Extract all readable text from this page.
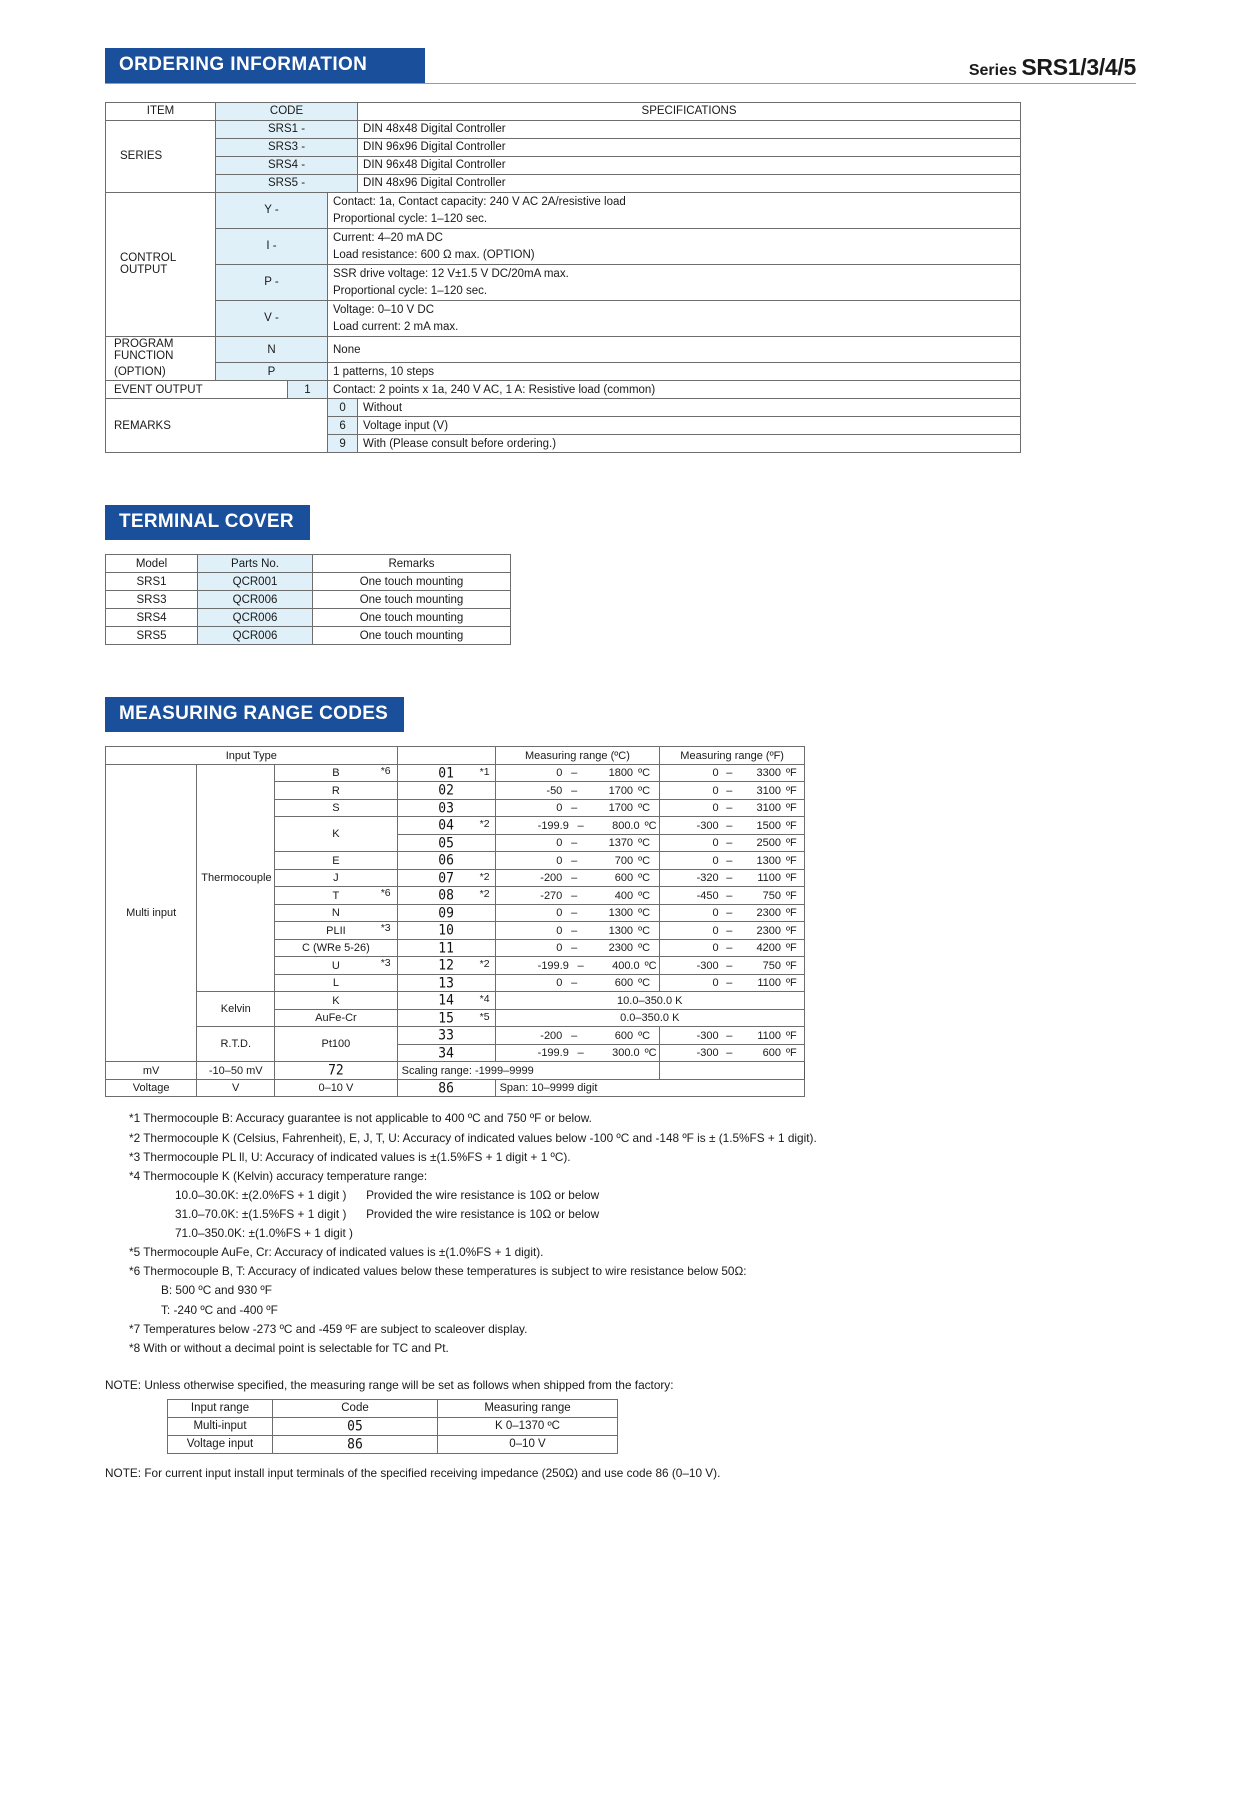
ORDERING INFORMATION	Series SRS1/3/4/5
ITEM	CODE			SPECIFICATIONS
SERIES	SRS1 -			DIN 48x48 Digital Controller
	SRS3 -			DIN 96x96 Digital Controller
	SRS4 -			DIN 96x48 Digital Controller
	SRS5 -			DIN 48x96 Digital Controller
CONTROL OUTPUT	Y -		Contact: 1a, Contact capacity: 240 V AC 2A/resistive load	
			Proportional cycle: 1–120 sec.	
	I -		Current: 4–20 mA DC	
			Load resistance: 600 Ω max. (OPTION)	
	P -		SSR drive voltage: 12 V±1.5 V DC/20mA max.	
			Proportional cycle: 1–120 sec.	
	V -		Voltage: 0–10 V DC	
			Load current: 2 mA max.	
PROGRAM FUNCTION	N		None	
(OPTION)	P		1 patterns, 10 steps	
EVENT OUTPUT		1	Contact: 2 points x 1a, 240 V AC, 1 A: Resistive load (common)	
REMARKS			0	Without
			6	Voltage input (V)
			9	With (Please consult before ordering.)
TERMINAL COVER
Model	Parts No.	Remarks
SRS1	QCR001	One touch mounting
SRS3	QCR006	One touch mounting
SRS4	QCR006	One touch mounting
SRS5	QCR006	One touch mounting
MEASURING RANGE CODES
Input Type				Measuring range (ºC)	Measuring range (ºF)
Multi input	Thermocouple	B *6	01 *1	0 – 1800 ºC	0 – 3300 ºF

		R	02	-50 – 1700 ºC	0 – 3100 ºF

		S	03	0 – 1700 ºC	0 – 3100 ºF

		K	04 *2	-199.9 – 800.0 ºC	-300 – 1500 ºF

			05	0 – 1370 ºC	0 – 2500 ºF

		E	06	0 – 700 ºC	0 – 1300 ºF

		J	07 *2	-200 – 600 ºC	-320 – 1100 ºF

		T *6	08 *2	-270 – 400 ºC	-450 – 750 ºF

		N	09	0 – 1300 ºC	0 – 2300 ºF

		PLII *3	10	0 – 1300 ºC	0 – 2300 ºF

		C (WRe 5-26)	11	0 – 2300 ºC	0 – 4200 ºF

		U *3	12 *2	-199.9 – 400.0 ºC	-300 – 750 ºF

		L	13	0 – 600 ºC	0 – 1100 ºF

	Kelvin	K	14 *4	10.0–350.0 K	

		AuFe-Cr	15 *5	0.0–350.0 K	
	R.T.D.	Pt100	33	-200 – 600 ºC	-300 – 1100 ºF

			34	-199.9 – 300.0 ºC	-300 – 600 ºF

mV	-10–50 mV	72	Scaling range: -1999–9999		
Voltage	V	0–10 V	86	Span: 10–9999 digit	
*1 Thermocouple B: Accuracy guarantee is not applicable to 400 ºC and 750 ºF or below.
*2 Thermocouple K (Celsius, Fahrenheit), E, J, T, U: Accuracy of indicated values below -100 ºC and -148 ºF is ± (1.5%FS + 1 digit).
*3 Thermocouple PL ll, U: Accuracy of indicated values is ±(1.5%FS + 1 digit + 1 ºC).
*4 Thermocouple K (Kelvin) accuracy temperature range:
10.0–30.0K: ±(2.0%FS + 1 digit )      Provided the wire resistance is 10Ω or below
31.0–70.0K: ±(1.5%FS + 1 digit )      Provided the wire resistance is 10Ω or below
71.0–350.0K: ±(1.0%FS + 1 digit )
*5 Thermocouple AuFe, Cr: Accuracy of indicated values is ±(1.0%FS + 1 digit).
*6 Thermocouple B, T: Accuracy of indicated values below these temperatures is subject to wire resistance below 50Ω:
B: 500 ºC and 930 ºF
T: -240 ºC and -400 ºF
*7 Temperatures below -273 ºC and -459 ºF are subject to scaleover display.
*8 With or without a decimal point is selectable for TC and Pt.
NOTE: Unless otherwise specified, the measuring range will be set as follows when shipped from the factory:
Input range	Code	Measuring range
Multi-input	05	K 0–1370 ºC
Voltage input	86	0–10 V
NOTE: For current input install input terminals of the specified receiving impedance (250Ω) and use code 86 (0–10 V).
